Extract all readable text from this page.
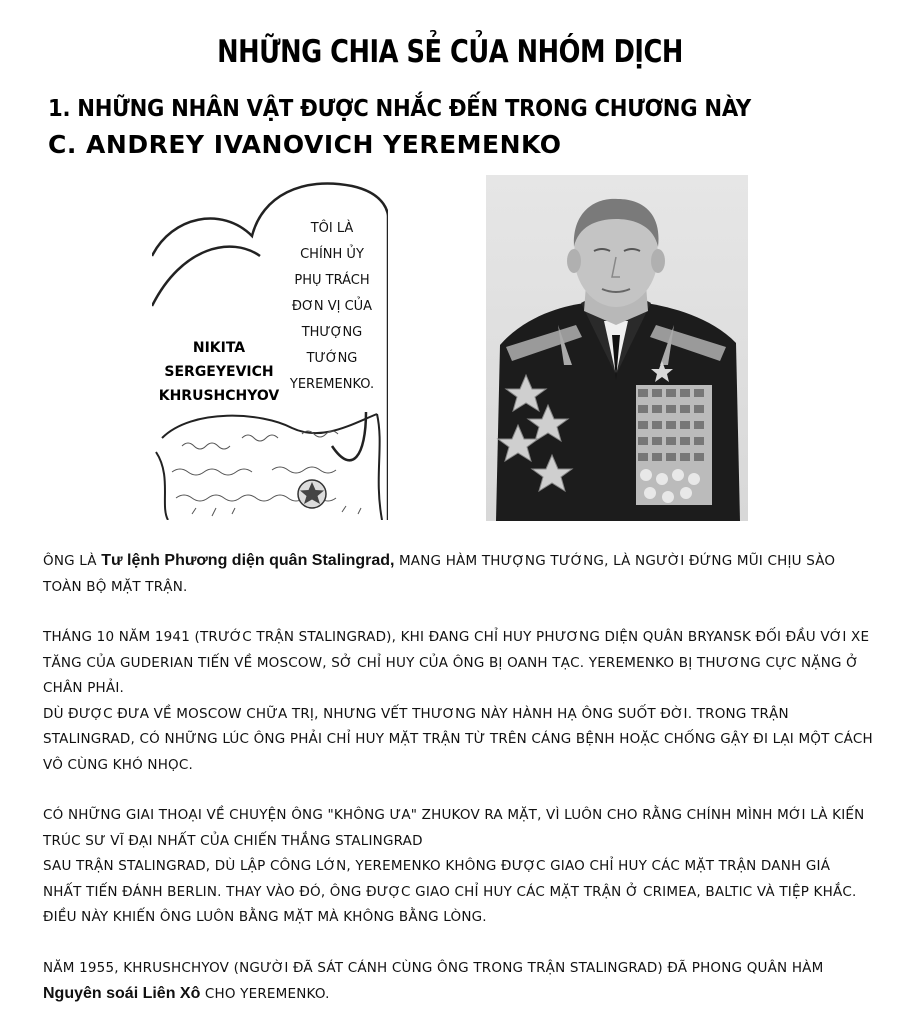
NHỮNG CHIA SẺ CỦA NHÓM DỊCH
1. NHỮNG NHÂN VẬT ĐƯỢC NHẮC ĐẾN TRONG CHƯƠNG NÀY
C. ANDREY IVANOVICH YEREMENKO
TÔI LÀ
CHÍNH ỦY
PHỤ TRÁCH
ĐƠN VỊ CỦA
THƯỢNG
TƯỚNG
YEREMENKO.
NIKITA
SERGEYEVICH
KHRUSHCHYOV

ÔNG LÀ Tư lệnh Phương diện quân Stalingrad, MANG HÀM THƯỢNG TƯỚNG, LÀ NGƯỜI ĐỨNG MŨI CHỊU SÀO TOÀN BỘ MẶT TRẬN.

THÁNG 10 NĂM 1941 (TRƯỚC TRẬN STALINGRAD), KHI ĐANG CHỈ HUY PHƯƠNG DIỆN QUÂN BRYANSK ĐỐI ĐẦU VỚI XE TĂNG CỦA GUDERIAN TIẾN VỀ MOSCOW, SỞ CHỈ HUY CỦA ÔNG BỊ OANH TẠC. YEREMENKO BỊ THƯƠNG CỰC NẶNG Ở CHÂN PHẢI.

DÙ ĐƯỢC ĐƯA VỀ MOSCOW CHỮA TRỊ, NHƯNG VẾT THƯƠNG NÀY HÀNH HẠ ÔNG SUỐT ĐỜI. TRONG TRẬN STALINGRAD, CÓ NHỮNG LÚC ÔNG PHẢI CHỈ HUY MẶT TRẬN TỪ TRÊN CÁNG BỆNH HOẶC CHỐNG GẬY ĐI LẠI MỘT CÁCH VÔ CÙNG KHÓ NHỌC.

CÓ NHỮNG GIAI THOẠI VỀ CHUYỆN ÔNG "KHÔNG ƯA" ZHUKOV RA MẶT, VÌ LUÔN CHO RẰNG CHÍNH MÌNH MỚI LÀ KIẾN TRÚC SƯ VĨ ĐẠI NHẤT CỦA CHIẾN THẮNG STALINGRAD

SAU TRẬN STALINGRAD, DÙ LẬP CÔNG LỚN, YEREMENKO KHÔNG ĐƯỢC GIAO CHỈ HUY CÁC MẶT TRẬN DANH GIÁ NHẤT TIẾN ĐÁNH BERLIN. THAY VÀO ĐÓ, ÔNG ĐƯỢC GIAO CHỈ HUY CÁC MẶT TRẬN Ở CRIMEA, BALTIC VÀ TIỆP KHẮC. ĐIỀU NÀY KHIẾN ÔNG LUÔN BẰNG MẶT MÀ KHÔNG BẰNG LÒNG.

NĂM 1955, KHRUSHCHYOV (NGƯỜI ĐÃ SÁT CÁNH CÙNG ÔNG TRONG TRẬN STALINGRAD) ĐÃ PHONG QUÂN HÀM Nguyên soái Liên Xô CHO YEREMENKO.
